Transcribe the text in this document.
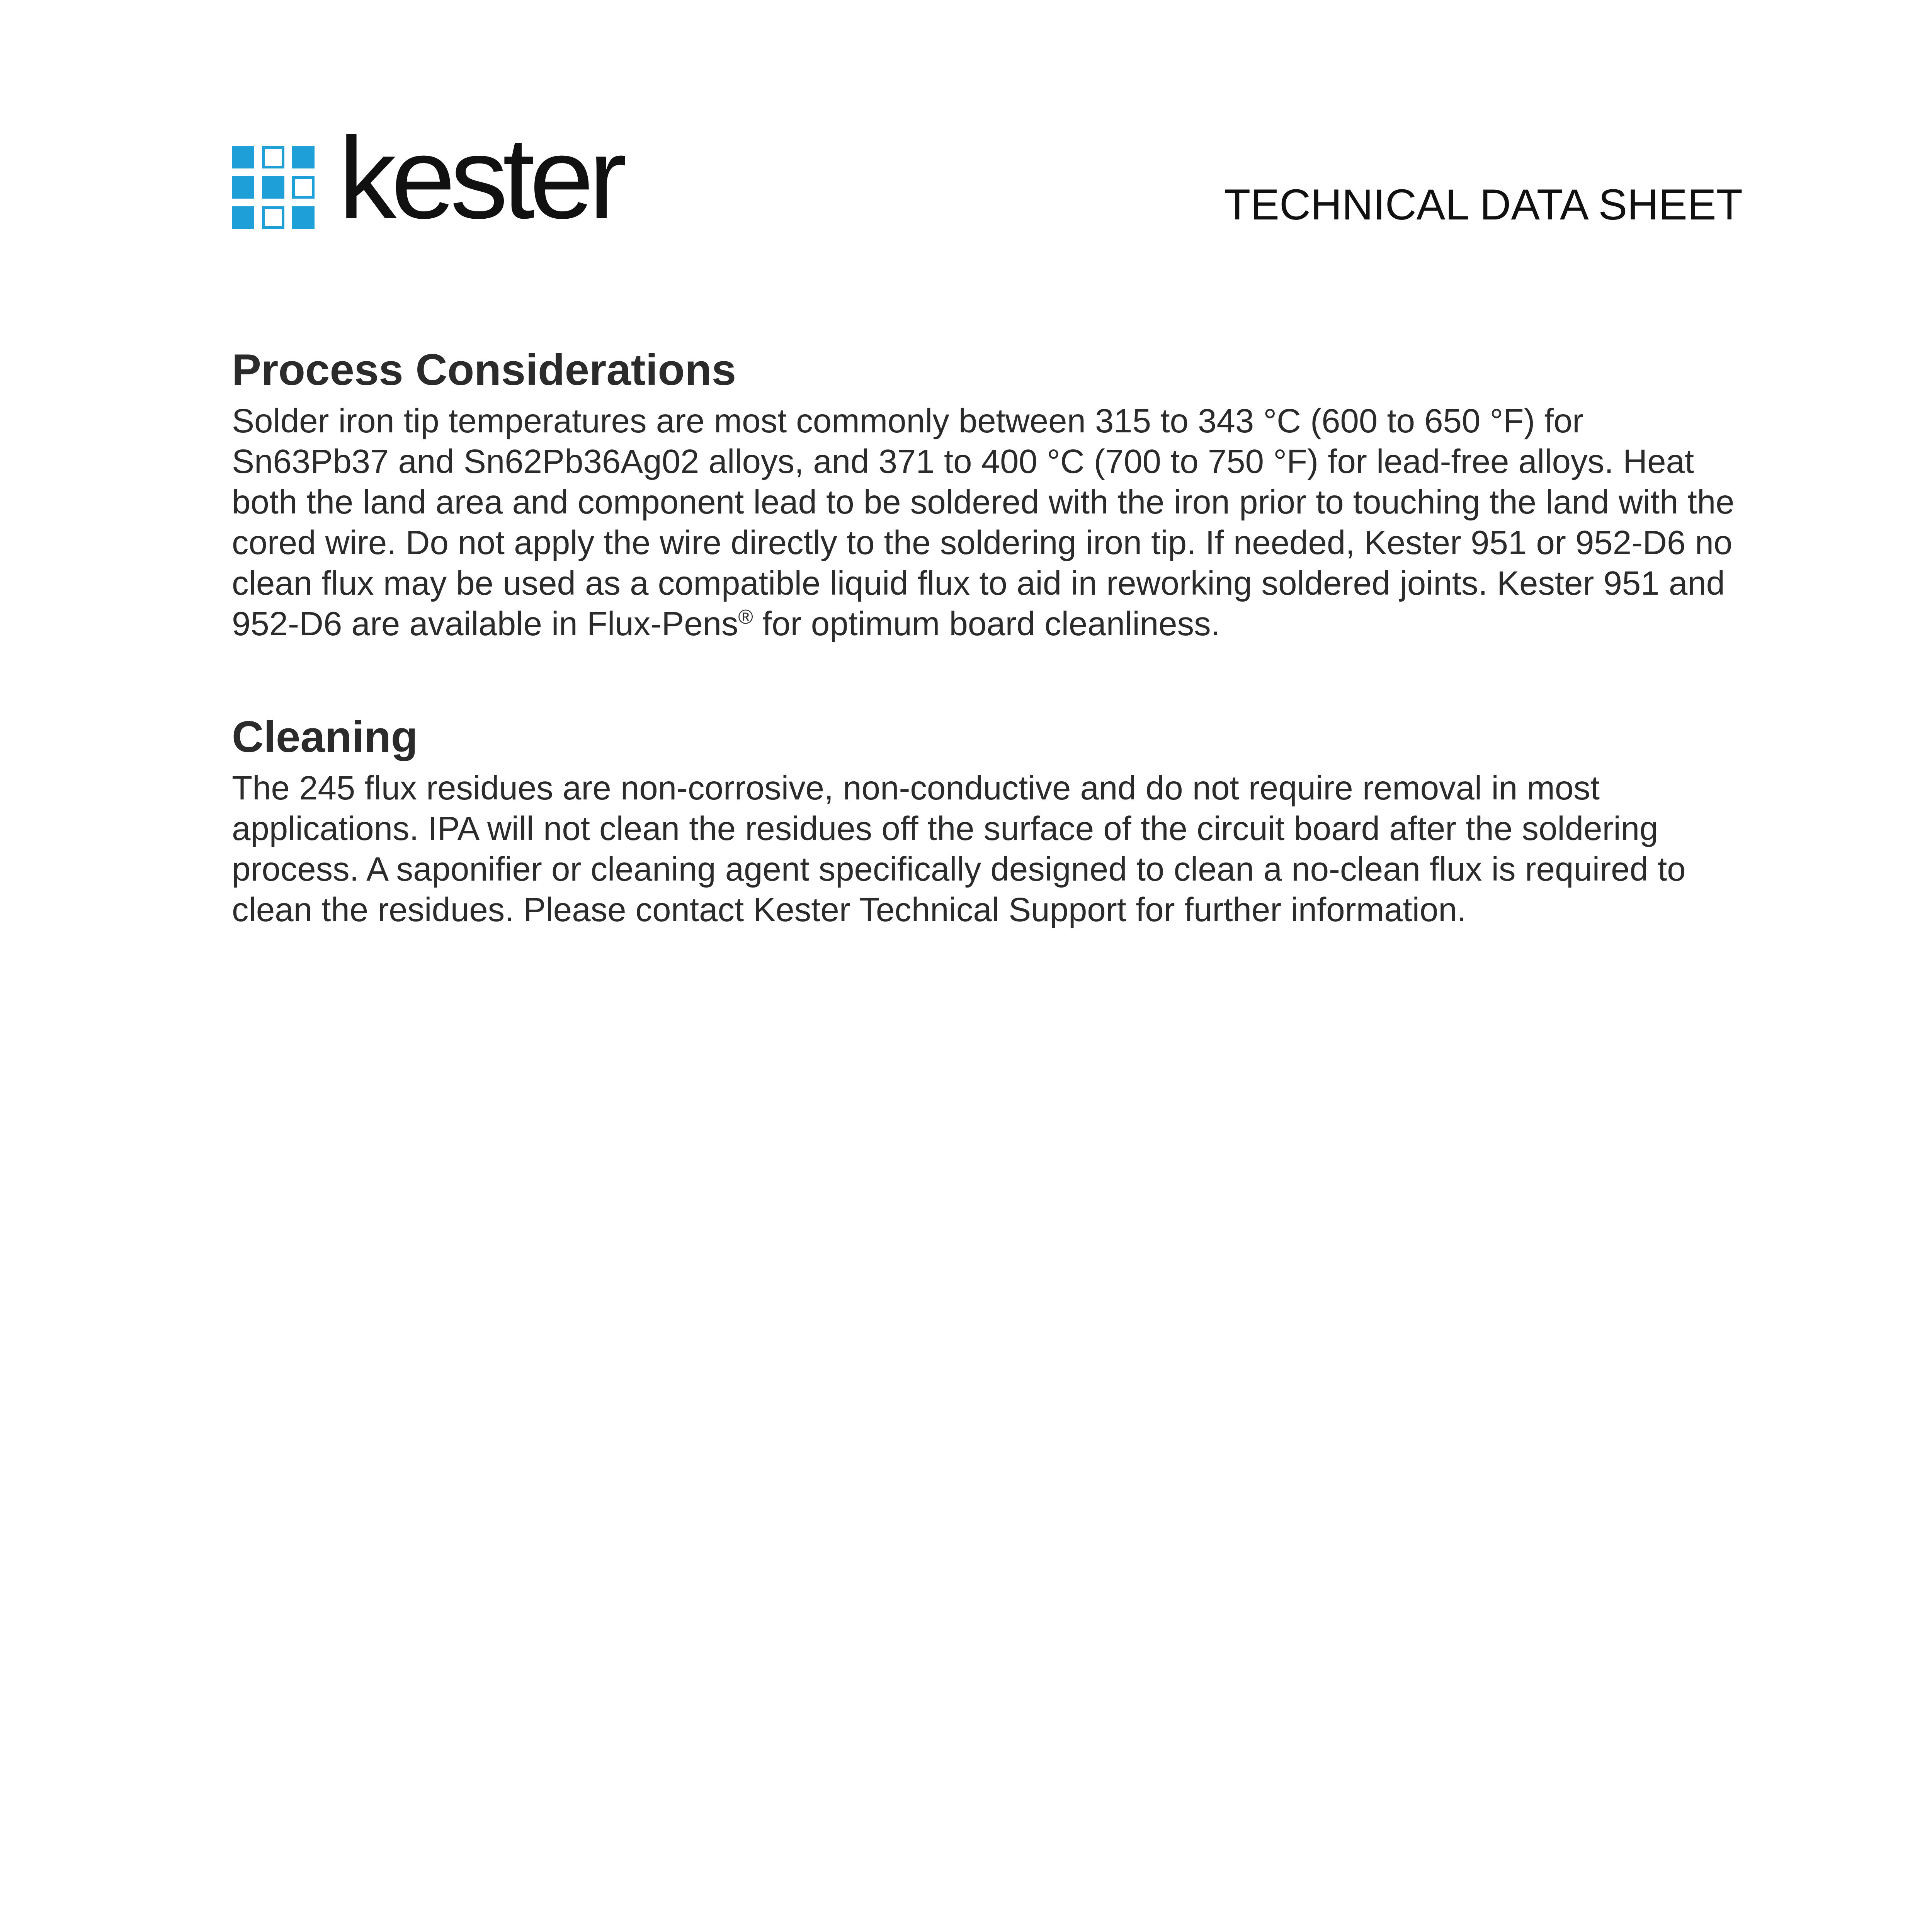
kester	TECHNICAL DATA SHEET
Process Considerations

Solder iron tip temperatures are most commonly between 315 to 343 °C (600 to 650 °F) for Sn63Pb37 and Sn62Pb36Ag02 alloys, and 371 to 400 °C (700 to 750 °F) for lead-free alloys. Heat both the land area and component lead to be soldered with the iron prior to touching the land with the cored wire. Do not apply the wire directly to the soldering iron tip. If needed, Kester 951 or 952-D6 no clean flux may be used as a compatible liquid flux to aid in reworking soldered joints. Kester 951 and 952-D6 are available in Flux-Pens® for optimum board cleanliness.

Cleaning

The 245 flux residues are non-corrosive, non-conductive and do not require removal in most applications. IPA will not clean the residues off the surface of the circuit board after the soldering process. A saponifier or cleaning agent specifically designed to clean a no-clean flux is required to clean the residues. Please contact Kester Technical Support for further information.
